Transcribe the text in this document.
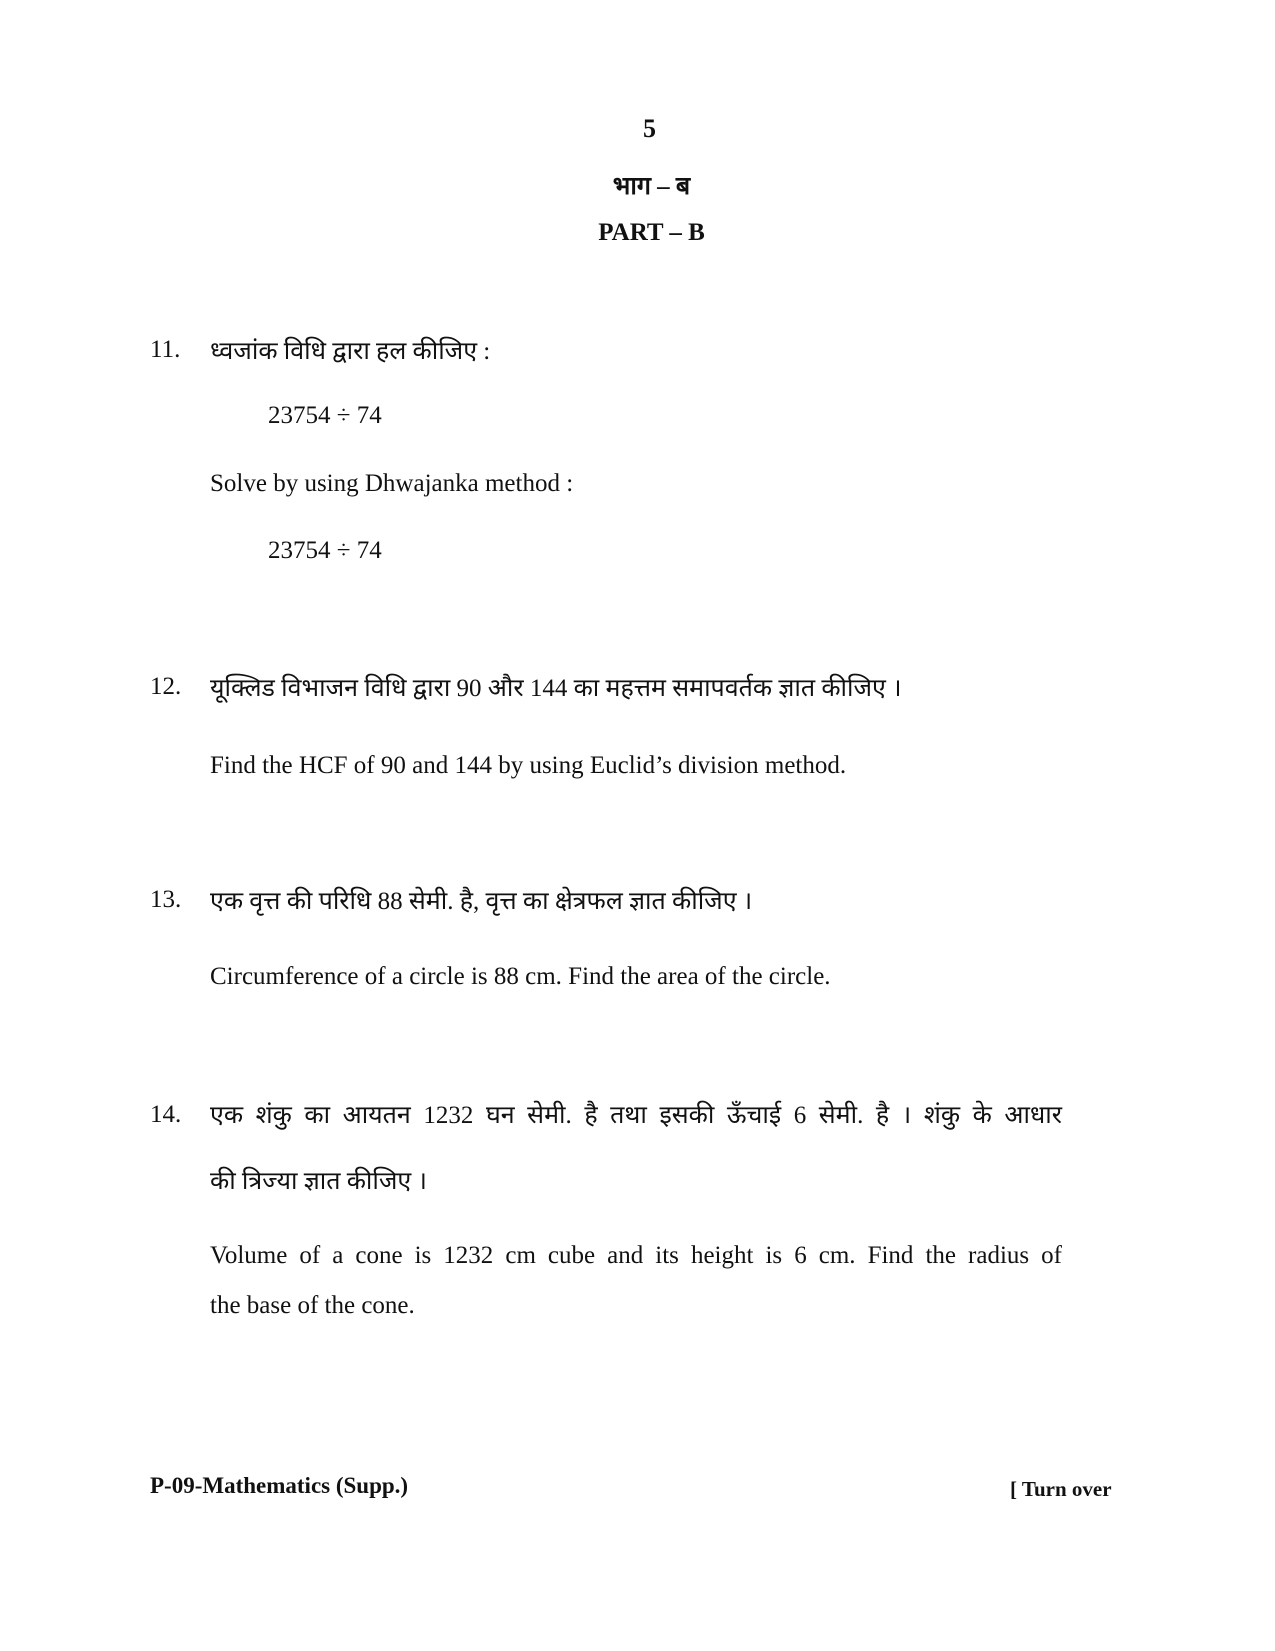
5
भाग – ब
PART – B
11. ध्वजांक विधि द्वारा हल कीजिए :
23754 ÷ 74
Solve by using Dhwajanka method :
23754 ÷ 74
12. यूक्लिड विभाजन विधि द्वारा 90 और 144 का महत्तम समापवर्तक ज्ञात कीजिए ।
Find the HCF of 90 and 144 by using Euclid’s division method.
13. एक वृत्त की परिधि 88 सेमी. है, वृत्त का क्षेत्रफल ज्ञात कीजिए ।
Circumference of a circle is 88 cm. Find the area of the circle.
14. एक शंकु का आयतन 1232 घन सेमी. है तथा इसकी ऊँचाई 6 सेमी. है । शंकु के आधार
की त्रिज्या ज्ञात कीजिए ।
Volume of a cone is 1232 cm cube and its height is 6 cm. Find the radius of
the base of the cone.
P-09-Mathematics (Supp.)	[ Turn over
